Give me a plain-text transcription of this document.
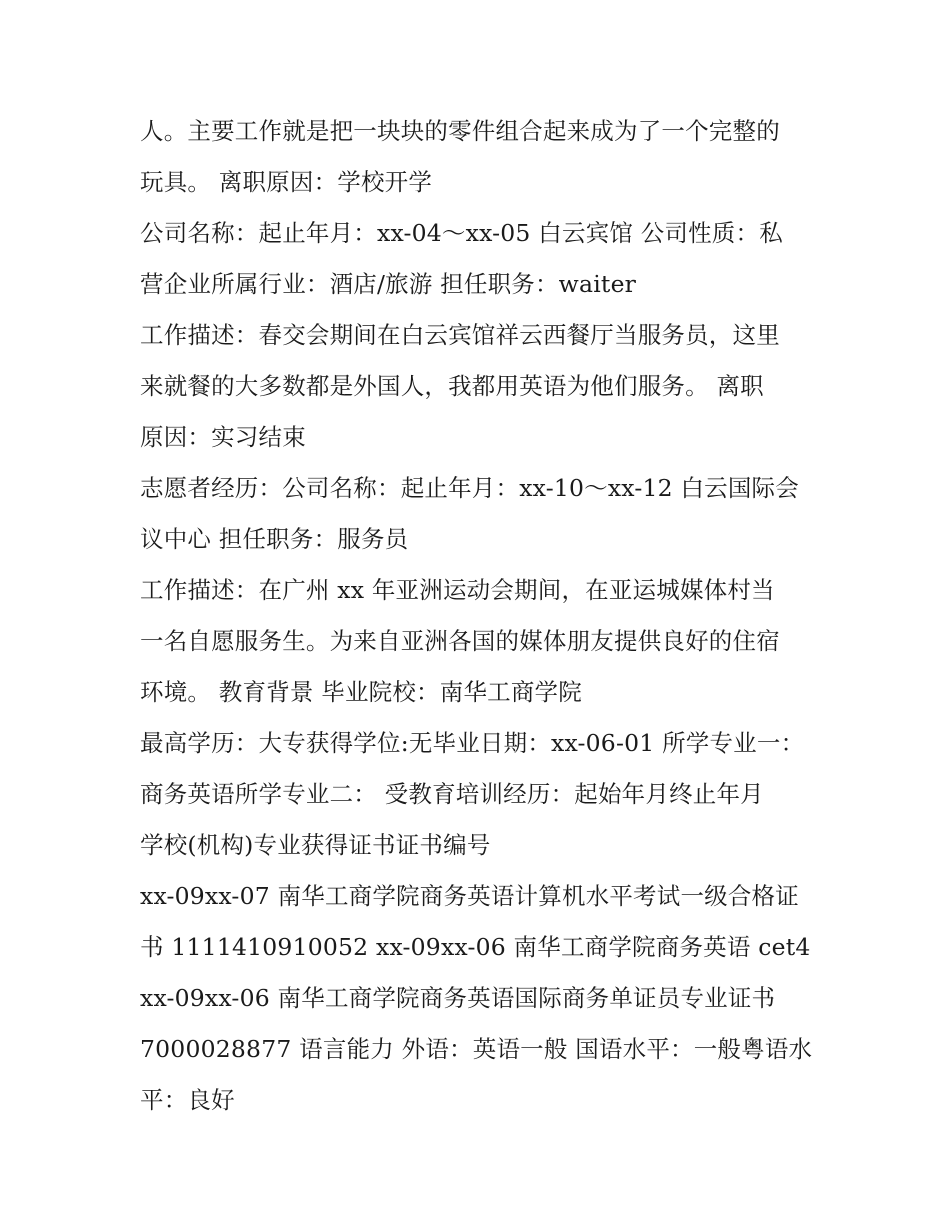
人。主要工作就是把一块块的零件组合起来成为了一个完整的
玩具。 离职原因：学校开学
公司名称：起止年月：xx-04～xx-05 白云宾馆 公司性质：私
营企业所属行业：酒店/旅游 担任职务：waiter
工作描述：春交会期间在白云宾馆祥云西餐厅当服务员，这里
来就餐的大多数都是外国人，我都用英语为他们服务。 离职
原因：实习结束
志愿者经历：公司名称：起止年月：xx-10～xx-12 白云国际会
议中心 担任职务：服务员
工作描述：在广州 xx 年亚洲运动会期间，在亚运城媒体村当
一名自愿服务生。为来自亚洲各国的媒体朋友提供良好的住宿
环境。 教育背景 毕业院校：南华工商学院
最高学历：大专获得学位:无毕业日期：xx-06-01 所学专业一：
商务英语所学专业二： 受教育培训经历：起始年月终止年月
学校(机构)专业获得证书证书编号
xx-09xx-07 南华工商学院商务英语计算机水平考试一级合格证
书 1111410910052 xx-09xx-06 南华工商学院商务英语 cet4
xx-09xx-06 南华工商学院商务英语国际商务单证员专业证书
7000028877 语言能力 外语：英语一般 国语水平：一般粤语水
平：良好
